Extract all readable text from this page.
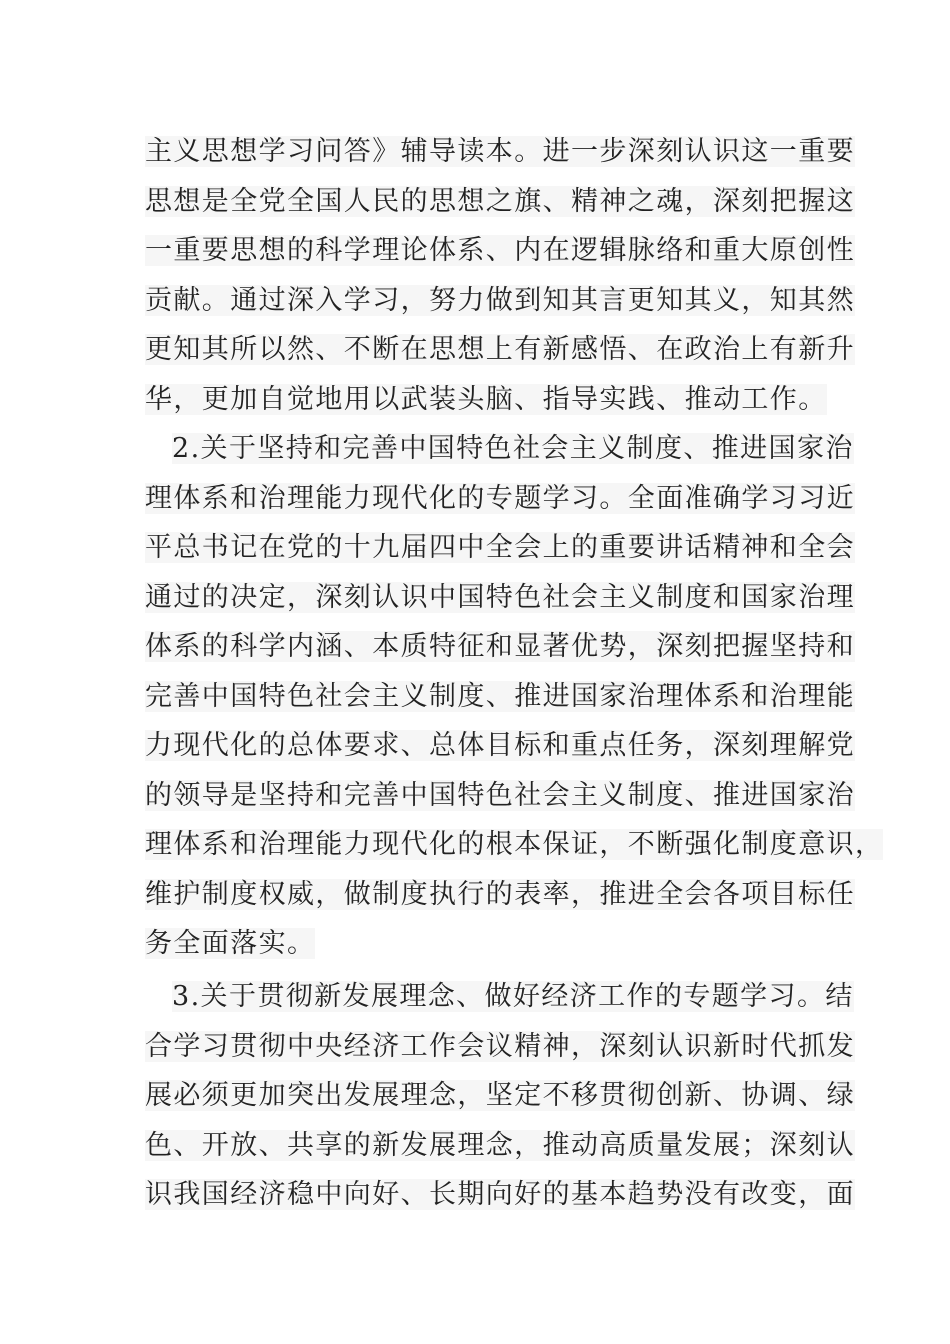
主义思想学习问答》辅导读本。进一步深刻认识这一重要
思想是全党全国人民的思想之旗、精神之魂，深刻把握这
一重要思想的科学理论体系、内在逻辑脉络和重大原创性
贡献。通过深入学习，努力做到知其言更知其义，知其然
更知其所以然、不断在思想上有新感悟、在政治上有新升
华，更加自觉地用以武装头脑、指导实践、推动工作。
2.关于坚持和完善中国特色社会主义制度、推进国家治
理体系和治理能力现代化的专题学习。全面准确学习习近
平总书记在党的十九届四中全会上的重要讲话精神和全会
通过的决定，深刻认识中国特色社会主义制度和国家治理
体系的科学内涵、本质特征和显著优势，深刻把握坚持和
完善中国特色社会主义制度、推进国家治理体系和治理能
力现代化的总体要求、总体目标和重点任务，深刻理解党
的领导是坚持和完善中国特色社会主义制度、推进国家治
理体系和治理能力现代化的根本保证，不断强化制度意识，
维护制度权威，做制度执行的表率，推进全会各项目标任
务全面落实。
3.关于贯彻新发展理念、做好经济工作的专题学习。结
合学习贯彻中央经济工作会议精神，深刻认识新时代抓发
展必须更加突出发展理念，坚定不移贯彻创新、协调、绿
色、开放、共享的新发展理念，推动高质量发展；深刻认
识我国经济稳中向好、长期向好的基本趋势没有改变，面
